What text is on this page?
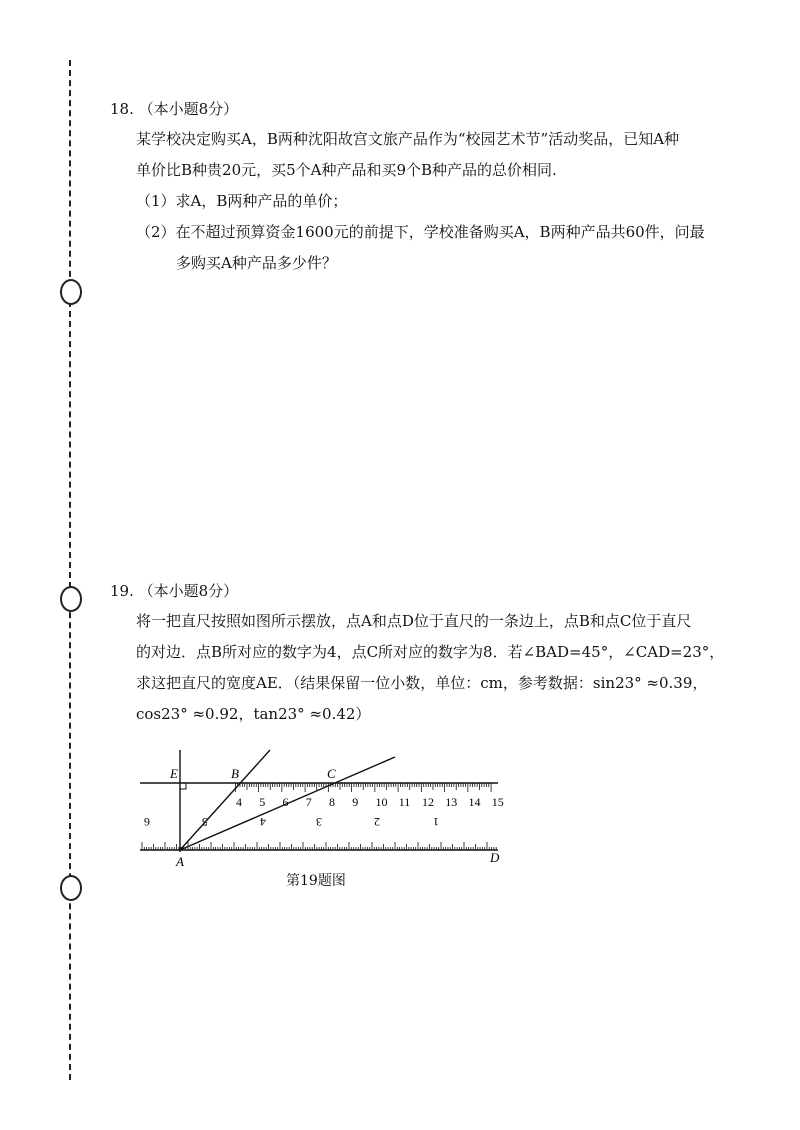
18. （本小题8分）

某学校决定购买A，B两种沈阳故宫文旅产品作为“校园艺术节”活动奖品，已知A种

单价比B种贵20元，买5个A种产品和买9个B种产品的总价相同.

（1）求A，B两种产品的单价；

（2）在不超过预算资金1600元的前提下，学校准备购买A，B两种产品共60件，问最

多购买A种产品多少件？

19. （本小题8分）

将一把直尺按照如图所示摆放，点A和点D位于直尺的一条边上，点B和点C位于直尺

的对边．点B所对应的数字为4，点C所对应的数字为8．若∠BAD=45°，∠CAD=23°，

求这把直尺的宽度AE．（结果保留一位小数，单位：cm，参考数据：sin23° ≈0.39，

cos23° ≈0.92，tan23° ≈0.42）

4 5 6 7 8 9 10 11 12 13 14 15
6	5	4	3	2	1
E	B	C
A	D
第19题图
